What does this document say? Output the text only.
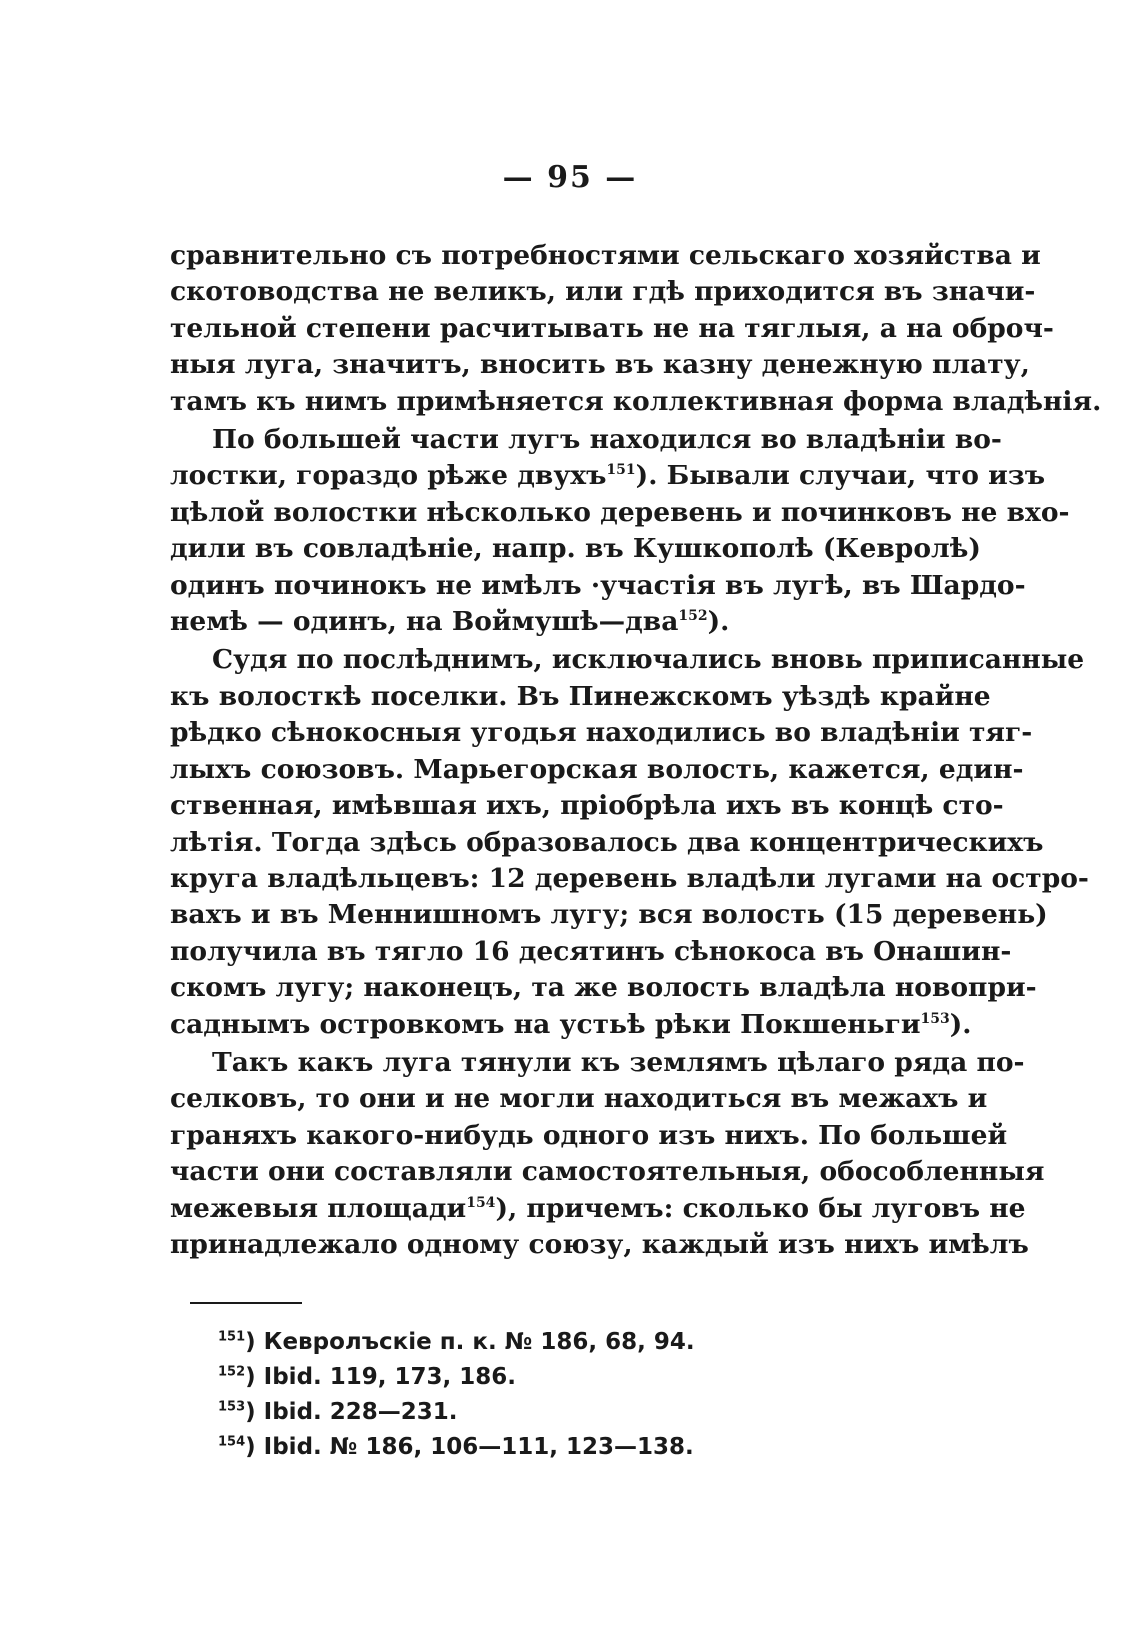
— 95 —
сравнительно съ потребностями сельскаго хозяйства и
скотоводства не великъ, или гдѣ приходится въ значи-
тельной степени расчитывать не на тяглыя, а на оброч-
ныя луга, значитъ, вносить въ казну денежную плату,
тамъ къ нимъ примѣняется коллективная форма владѣнія.
По большей части лугъ находился во владѣніи во-
лостки, гораздо рѣже двухъ$^{151}$). Бывали случаи, что изъ
цѣлой волостки нѣсколько деревень и починковъ не вхо-
дили въ совладѣніе, напр. въ Кушкополѣ (Кевролѣ)
одинъ починокъ не имѣлъ ·участія въ лугѣ, въ Шардо-
немѣ — одинъ, на Воймушѣ—два$^{152}$).
Судя по послѣднимъ, исключались вновь приписанные
къ волосткѣ поселки. Въ Пинежскомъ уѣздѣ крайне
рѣдко сѣнокосныя угодья находились во владѣніи тяг-
лыхъ союзовъ. Марьегорская волость, кажется, един-
ственная, имѣвшая ихъ, пріобрѣла ихъ въ концѣ сто-
лѣтія. Тогда здѣсь образовалось два концентрическихъ
круга владѣльцевъ: 12 деревень владѣли лугами на остро-
вахъ и въ Меннишномъ лугу; вся волость (15 деревень)
получила въ тягло 16 десятинъ сѣнокоса въ Онашин-
скомъ лугу; наконецъ, та же волость владѣла новопри-
саднымъ островкомъ на устьѣ рѣки Покшеньги$^{153}$).
Такъ какъ луга тянули къ землямъ цѣлаго ряда по-
селковъ, то они и не могли находиться въ межахъ и
граняхъ какого-нибудь одного изъ нихъ. По большей
части они составляли самостоятельныя, обособленныя
межевыя площади$^{154}$), причемъ: сколько бы луговъ не
принадлежало одному союзу, каждый изъ нихъ имѣлъ
$^{151}$) Кевролъскіе п. к. № 186, 68, 94.
$^{152}$) Ibid. 119, 173, 186.
$^{153}$) Ibid. 228—231.
$^{154}$) Ibid. № 186, 106—111, 123—138.
